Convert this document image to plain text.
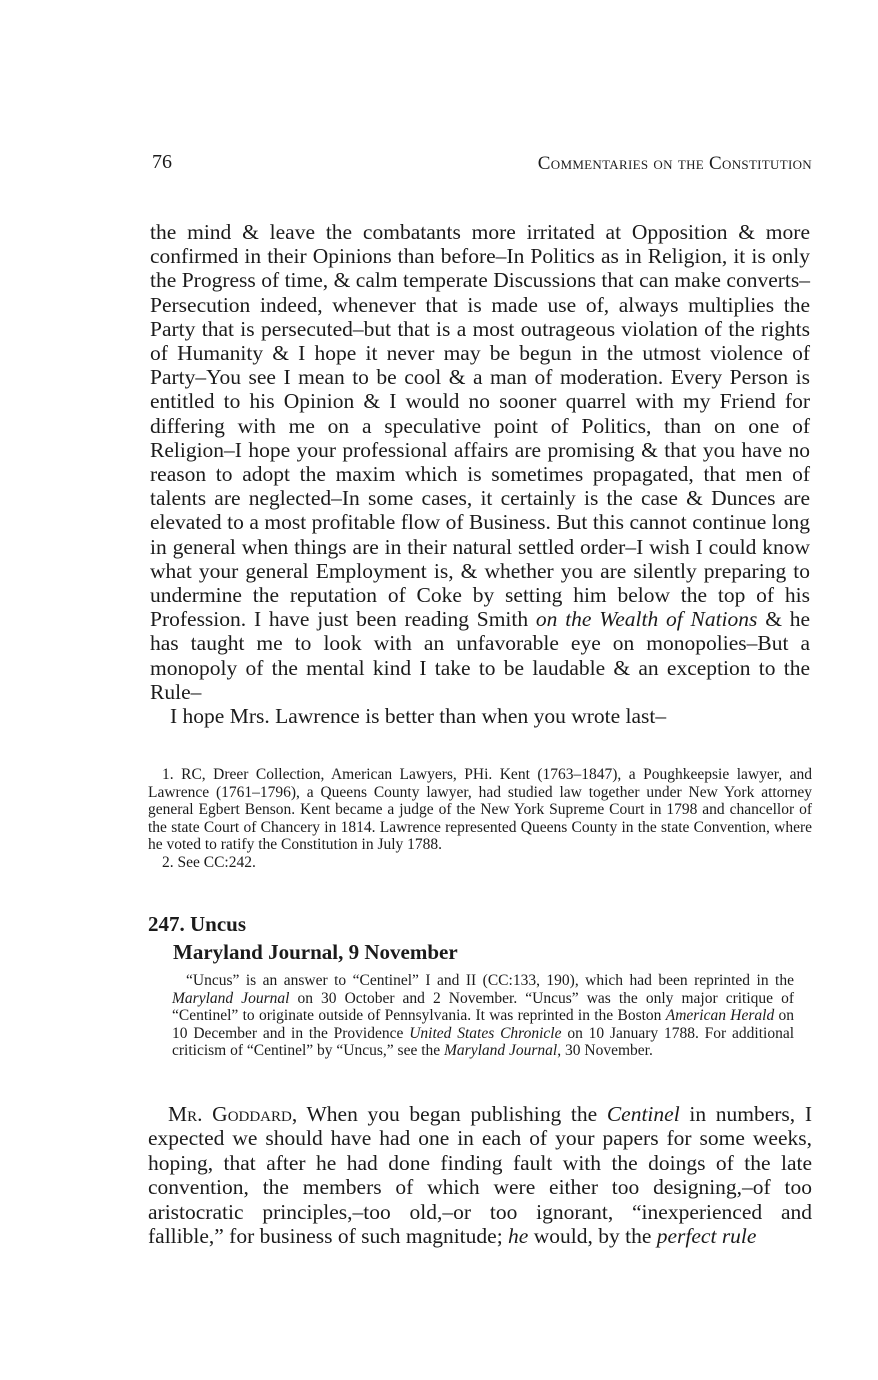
76	Commentaries on the Constitution

the mind & leave the combatants more irritated at Opposition & more confirmed in their Opinions than before–In Politics as in Religion, it is only the Progress of time, & calm temperate Discussions that can make converts–Persecution indeed, whenever that is made use of, always multiplies the Party that is persecuted–but that is a most outrageous violation of the rights of Humanity & I hope it never may be begun in the utmost violence of Party–You see I mean to be cool & a man of moderation. Every Person is entitled to his Opinion & I would no sooner quarrel with my Friend for differing with me on a speculative point of Politics, than on one of Religion–I hope your professional affairs are promising & that you have no reason to adopt the maxim which is sometimes propagated, that men of talents are neglected–In some cases, it certainly is the case & Dunces are elevated to a most profitable flow of Business. But this cannot continue long in general when things are in their natural settled order–I wish I could know what your general Employment is, & whether you are silently preparing to undermine the reputation of Coke by setting him below the top of his Profession. I have just been reading Smith on the Wealth of Nations & he has taught me to look with an unfavorable eye on monopolies–But a monopoly of the mental kind I take to be laudable & an exception to the Rule–

I hope Mrs. Lawrence is better than when you wrote last–

1. RC, Dreer Collection, American Lawyers, PHi. Kent (1763–1847), a Poughkeepsie lawyer, and Lawrence (1761–1796), a Queens County lawyer, had studied law together under New York attorney general Egbert Benson. Kent became a judge of the New York Supreme Court in 1798 and chancellor of the state Court of Chancery in 1814. Lawrence represented Queens County in the state Convention, where he voted to ratify the Constitution in July 1788.

2. See CC:242.

247. Uncus
Maryland Journal, 9 November

“Uncus” is an answer to “Centinel” I and II (CC:133, 190), which had been reprinted in the Maryland Journal on 30 October and 2 November. “Uncus” was the only major critique of “Centinel” to originate outside of Pennsylvania. It was reprinted in the Boston American Herald on 10 December and in the Providence United States Chronicle on 10 January 1788. For additional criticism of “Centinel” by “Uncus,” see the Maryland Journal, 30 November.

Mr. Goddard, When you began publishing the Centinel in numbers, I expected we should have had one in each of your papers for some weeks, hoping, that after he had done finding fault with the doings of the late convention, the members of which were either too designing,–of too aristocratic principles,–too old,–or too ignorant, “inexperienced and fallible,” for business of such magnitude; he would, by the perfect rule
